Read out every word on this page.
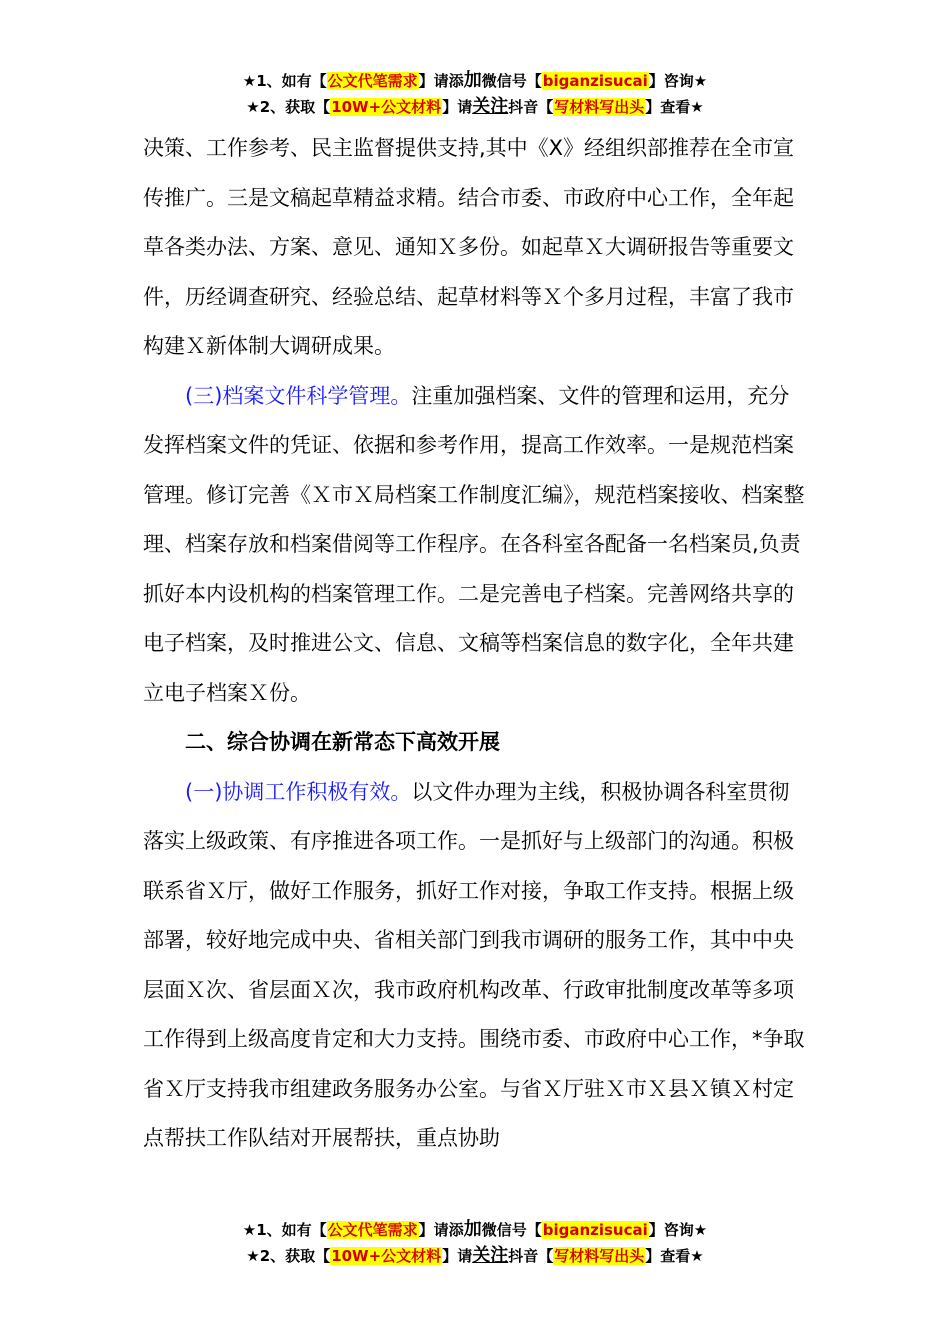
★1、如有【公文代笔需求】请添加微信号【biganzisucai】咨询★
★2、获取【10W+公文材料】请关注抖音【写材料写出头】查看★

决策、工作参考、民主监督提供支持,其中《X》经组织部推荐在全市宣传推广。三是文稿起草精益求精。结合市委、市政府中心工作，全年起草各类办法、方案、意见、通知Ｘ多份。如起草Ｘ大调研报告等重要文件，历经调查研究、经验总结、起草材料等Ｘ个多月过程，丰富了我市构建Ｘ新体制大调研成果。

(三)档案文件科学管理。注重加强档案、文件的管理和运用，充分发挥档案文件的凭证、依据和参考作用，提高工作效率。一是规范档案管理。修订完善《Ｘ市Ｘ局档案工作制度汇编》，规范档案接收、档案整理、档案存放和档案借阅等工作程序。在各科室各配备一名档案员,负责抓好本内设机构的档案管理工作。二是完善电子档案。完善网络共享的电子档案，及时推进公文、信息、文稿等档案信息的数字化，全年共建立电子档案Ｘ份。

二、综合协调在新常态下高效开展

(一)协调工作积极有效。以文件办理为主线，积极协调各科室贯彻落实上级政策、有序推进各项工作。一是抓好与上级部门的沟通。积极联系省Ｘ厅，做好工作服务，抓好工作对接，争取工作支持。根据上级部署，较好地完成中央、省相关部门到我市调研的服务工作，其中中央层面Ｘ次、省层面Ｘ次，我市政府机构改革、行政审批制度改革等多项工作得到上级高度肯定和大力支持。围绕市委、市政府中心工作，*争取省Ｘ厅支持我市组建政务服务办公室。与省Ｘ厅驻Ｘ市Ｘ县Ｘ镇Ｘ村定点帮扶工作队结对开展帮扶，重点协助

★1、如有【公文代笔需求】请添加微信号【biganzisucai】咨询★
★2、获取【10W+公文材料】请关注抖音【写材料写出头】查看★
